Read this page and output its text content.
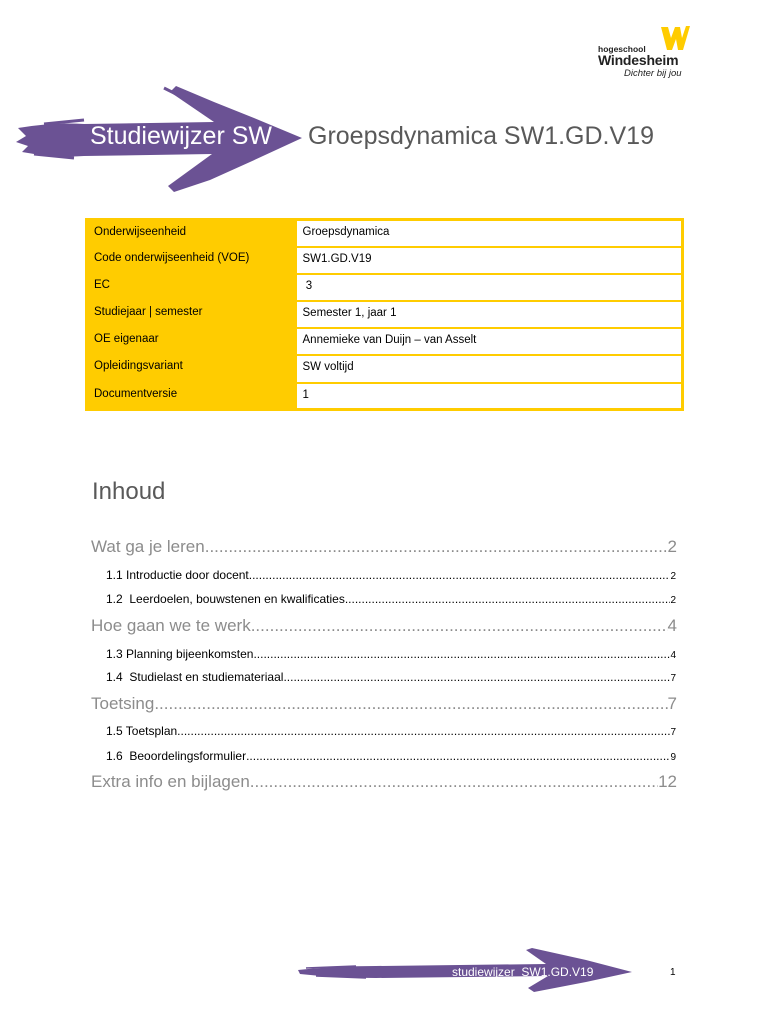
hogeschool
Windesheim
Dichter bij jou
Studiewijzer SW Groepsdynamica SW1.GD.V19
Onderwijseenheid	Groepsdynamica
Code onderwijseenheid (VOE)	SW1.GD.V19
EC	3
Studiejaar | semester	Semester 1, jaar 1
OE eigenaar	Annemieke van Duijn – van Asselt
Opleidingsvariant	SW voltijd
Documentversie	1
Inhoud
Wat ga je leren .....	2
1.1 Introductie door docent .....	2
1.2  Leerdoelen, bouwstenen en kwalificaties .....	2
Hoe gaan we te werk .....	4
1.3 Planning bijeenkomsten .....	4
1.4  Studielast en studiemateriaal .....	7
Toetsing .....	7
1.5 Toetsplan .....	7
1.6  Beoordelingsformulier .....	9
Extra info en bijlagen .....	12
studiewijzer  SW1.GD.V19	1
